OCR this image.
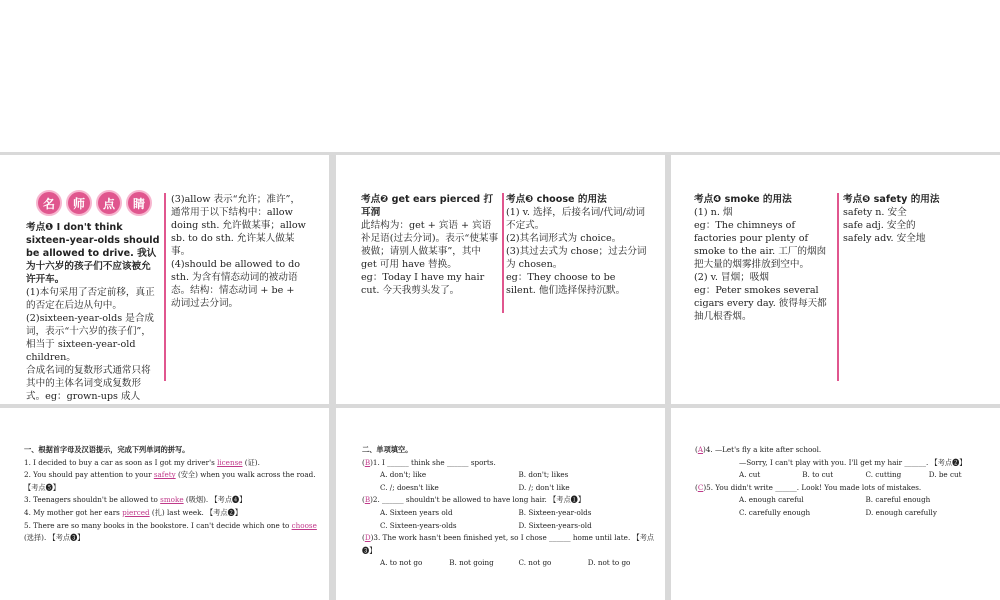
名	师	点	睛

考点❶ I don't think sixteen-year-olds should be allowed to drive. 我认为十六岁的孩子们不应该被允许开车。

(1)本句采用了否定前移，真正的否定在后边从句中。

(2)sixteen-year-olds 是合成词，表示“十六岁的孩子们”，相当于 sixteen-year-old children。

合成名词的复数形式通常只将其中的主体名词变成复数形式。eg：grown-ups 成人

(3)allow 表示“允许；准许”，通常用于以下结构中：allow doing sth. 允许做某事；allow sb. to do sth. 允许某人做某事。

(4)should be allowed to do sth. 为含有情态动词的被动语态。结构：情态动词 + be + 动词过去分词。

考点❷ get ears pierced 打耳洞

此结构为：get + 宾语 + 宾语补足语(过去分词)。表示“使某事被做；请别人做某事”，其中 get 可用 have 替换。

eg：Today I have my hair cut. 今天我剪头发了。

考点❸ choose 的用法

(1) v. 选择，后接名词/代词/动词不定式。

(2)其名词形式为 choice。

(3)其过去式为 chose；过去分词为 chosen。

eg：They choose to be silent. 他们选择保持沉默。

考点❹ smoke 的用法

(1) n. 烟

eg：The chimneys of factories pour plenty of smoke to the air. 工厂的烟囱把大量的烟雾排放到空中。

(2) v. 冒烟；吸烟

eg：Peter smokes several cigars every day. 彼得每天都抽几根香烟。

考点❺ safety 的用法

safety n. 安全

safe adj. 安全的

safely adv. 安全地

一、根据首字母及汉语提示，完成下列单词的拼写。

1. I decided to buy a car as soon as I got my driver's license (证).

2. You should pay attention to your safety (安全) when you walk across the road. 【考点❺】

3. Teenagers shouldn't be allowed to smoke (吸烟). 【考点❹】

4. My mother got her ears pierced (扎) last week. 【考点❷】

5. There are so many books in the bookstore. I can't decide which one to choose (选择). 【考点❸】

二、单项填空。

(B)1. I ______ think she ______ sports.

A. don't; like	B. don't; likes

C. /; doesn't like	D. /; don't like

(B)2. ______ shouldn't be allowed to have long hair. 【考点❶】

A. Sixteen years old	B. Sixteen-year-olds

C. Sixteen-years-olds	D. Sixteen-years-old

(D)3. The work hasn't been finished yet, so I chose ______ home until late. 【考点❸】

A. to not go	B. not going	C. not go	D. not to go

(A)4. —Let's fly a kite after school.

—Sorry, I can't play with you. I'll get my hair ______. 【考点❷】

A. cut	B. to cut	C. cutting	D. be cut

(C)5. You didn't write ______. Look! You made lots of mistakes.

A. enough careful	B. careful enough

C. carefully enough	D. enough carefully
